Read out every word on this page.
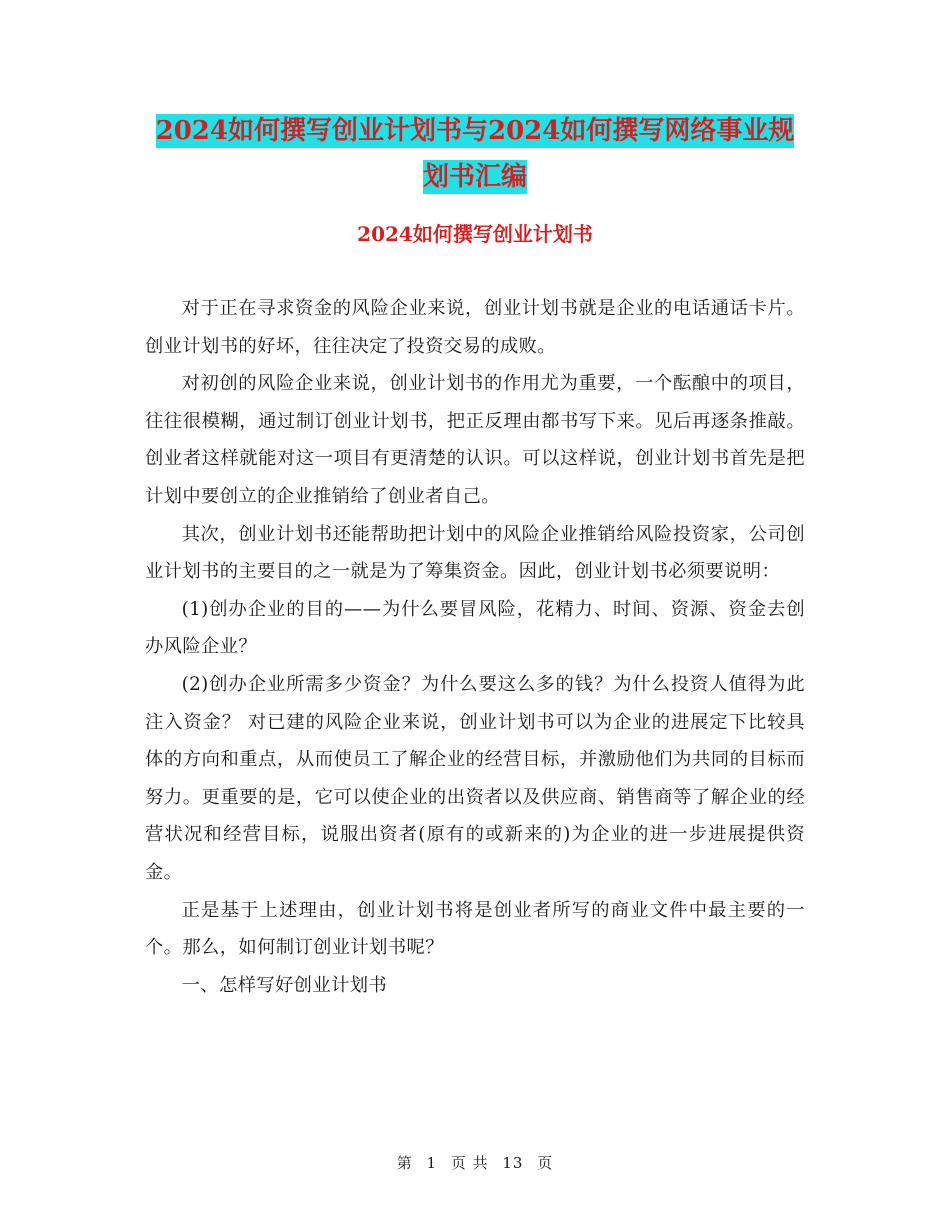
2024如何撰写创业计划书与2024如何撰写网络事业规
划书汇编
2024如何撰写创业计划书

对于正在寻求资金的风险企业来说，创业计划书就是企业的电话通话卡片。创业计划书的好坏，往往决定了投资交易的成败。

对初创的风险企业来说，创业计划书的作用尤为重要，一个酝酿中的项目，往往很模糊，通过制订创业计划书，把正反理由都书写下来。见后再逐条推敲。创业者这样就能对这一项目有更清楚的认识。可以这样说，创业计划书首先是把计划中要创立的企业推销给了创业者自己。

其次，创业计划书还能帮助把计划中的风险企业推销给风险投资家，公司创业计划书的主要目的之一就是为了筹集资金。因此，创业计划书必须要说明：

(1)创办企业的目的——为什么要冒风险，花精力、时间、资源、资金去创办风险企业？

(2)创办企业所需多少资金？为什么要这么多的钱？为什么投资人值得为此注入资金？ 对已建的风险企业来说，创业计划书可以为企业的进展定下比较具体的方向和重点，从而使员工了解企业的经营目标，并激励他们为共同的目标而努力。更重要的是，它可以使企业的出资者以及供应商、销售商等了解企业的经营状况和经营目标，说服出资者(原有的或新来的)为企业的进一步进展提供资金。

正是基于上述理由，创业计划书将是创业者所写的商业文件中最主要的一个。那么，如何制订创业计划书呢？

一、怎样写好创业计划书

第 1 页 共 13 页
